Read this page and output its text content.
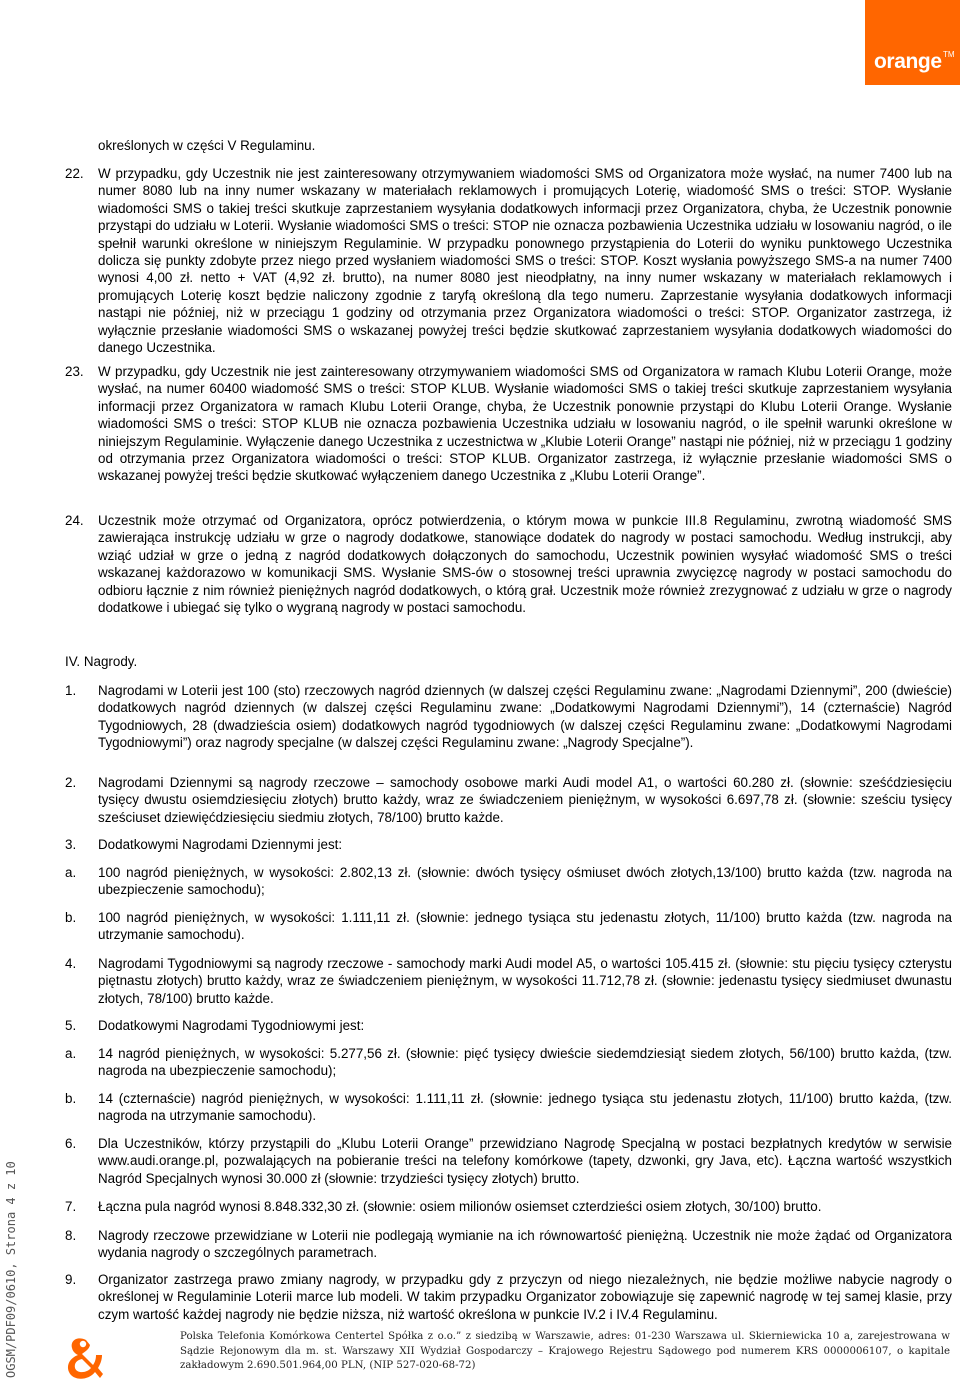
orange TM
określonych w części V Regulaminu.
22. W przypadku, gdy Uczestnik nie jest zainteresowany otrzymywaniem wiadomości SMS od Organizatora może wysłać, na numer 7400 lub na numer 8080 lub na inny numer wskazany w materiałach reklamowych i promujących Loterię, wiadomość SMS o treści: STOP. Wysłanie wiadomości SMS o takiej treści skutkuje zaprzestaniem wysyłania dodatkowych informacji przez Organizatora, chyba, że Uczestnik ponownie przystąpi do udziału w Loterii. Wysłanie wiadomości SMS o treści: STOP nie oznacza pozbawienia Uczestnika udziału w losowaniu nagród, o ile spełnił warunki określone w niniejszym Regulaminie. W przypadku ponownego przystąpienia do Loterii do wyniku punktowego Uczestnika dolicza się punkty zdobyte przez niego przed wysłaniem wiadomości SMS o treści: STOP. Koszt wysłania powyższego SMS-a na numer 7400 wynosi 4,00 zł. netto + VAT (4,92 zł. brutto), na numer 8080 jest nieodpłatny, na inny numer wskazany w materiałach reklamowych i promujących Loterię koszt będzie naliczony zgodnie z taryfą określoną dla tego numeru. Zaprzestanie wysyłania dodatkowych informacji nastąpi nie później, niż w przeciągu 1 godziny od otrzymania przez Organizatora wiadomości o treści: STOP. Organizator zastrzega, iż wyłącznie przesłanie wiadomości SMS o wskazanej powyżej treści będzie skutkować zaprzestaniem wysyłania dodatkowych wiadomości do danego Uczestnika.
23. W przypadku, gdy Uczestnik nie jest zainteresowany otrzymywaniem wiadomości SMS od Organizatora w ramach Klubu Loterii Orange, może wysłać, na numer 60400 wiadomość SMS o treści: STOP KLUB. Wysłanie wiadomości SMS o takiej treści skutkuje zaprzestaniem wysyłania informacji przez Organizatora w ramach Klubu Loterii Orange, chyba, że Uczestnik ponownie przystąpi do Klubu Loterii Orange. Wysłanie wiadomości SMS o treści: STOP KLUB nie oznacza pozbawienia Uczestnika udziału w losowaniu nagród, o ile spełnił warunki określone w niniejszym Regulaminie. Wyłączenie danego Uczestnika z uczestnictwa w „Klubie Loterii Orange” nastąpi nie później, niż w przeciągu 1 godziny od otrzymania przez Organizatora wiadomości o treści: STOP KLUB. Organizator zastrzega, iż wyłącznie przesłanie wiadomości SMS o wskazanej powyżej treści będzie skutkować wyłączeniem danego Uczestnika z „Klubu Loterii Orange”.
24. Uczestnik może otrzymać od Organizatora, oprócz potwierdzenia, o którym mowa w punkcie III.8 Regulaminu, zwrotną wiadomość SMS zawierająca instrukcję udziału w grze o nagrody dodatkowe, stanowiące dodatek do nagrody w postaci samochodu. Według instrukcji, aby wziąć udział w grze o jedną z nagród dodatkowych dołączonych do samochodu, Uczestnik powinien wysyłać wiadomość SMS o treści wskazanej każdorazowo w komunikacji SMS. Wysłanie SMS-ów o stosownej treści uprawnia zwycięzcę nagrody w postaci samochodu do odbioru łącznie z nim również pieniężnych nagród dodatkowych, o którą grał. Uczestnik może również zrezygnować z udziału w grze o nagrody dodatkowe i ubiegać się tylko o wygraną nagrody w postaci samochodu.
IV. Nagrody.
1. Nagrodami w Loterii jest 100 (sto) rzeczowych nagród dziennych (w dalszej części Regulaminu zwane: „Nagrodami Dziennymi”, 200 (dwieście) dodatkowych nagród dziennych (w dalszej części Regulaminu zwane: „Dodatkowymi Nagrodami Dziennymi”), 14 (czternaście) Nagród Tygodniowych, 28 (dwadzieścia osiem) dodatkowych nagród tygodniowych (w dalszej części Regulaminu zwane: „Dodatkowymi Nagrodami Tygodniowymi”) oraz nagrody specjalne (w dalszej części Regulaminu zwane: „Nagrody Specjalne”).
2. Nagrodami Dziennymi są nagrody rzeczowe – samochody osobowe marki Audi model A1, o wartości 60.280 zł. (słownie: sześćdziesięciu tysięcy dwustu osiemdziesięciu złotych) brutto każdy, wraz ze świadczeniem pieniężnym, w wysokości 6.697,78 zł. (słownie: sześciu tysięcy sześciuset dziewięćdziesięciu siedmiu złotych, 78/100) brutto każde.
3. Dodatkowymi Nagrodami Dziennymi jest:
a. 100 nagród pieniężnych, w wysokości: 2.802,13 zł. (słownie: dwóch tysięcy ośmiuset dwóch złotych,13/100) brutto każda (tzw. nagroda na ubezpieczenie samochodu);
b. 100 nagród pieniężnych, w wysokości: 1.111,11 zł. (słownie: jednego tysiąca stu jedenastu złotych, 11/100) brutto każda (tzw. nagroda na utrzymanie samochodu).
4. Nagrodami Tygodniowymi są nagrody rzeczowe - samochody marki Audi model A5, o wartości 105.415 zł. (słownie: stu pięciu tysięcy czterystu piętnastu złotych) brutto każdy, wraz ze świadczeniem pieniężnym, w wysokości 11.712,78 zł. (słownie: jedenastu tysięcy siedmiuset dwunastu złotych, 78/100) brutto każde.
5. Dodatkowymi Nagrodami Tygodniowymi jest:
a. 14 nagród pieniężnych, w wysokości: 5.277,56 zł. (słownie: pięć tysięcy dwieście siedemdziesiąt siedem złotych, 56/100) brutto każda, (tzw. nagroda na ubezpieczenie samochodu);
b. 14 (czternaście) nagród pieniężnych, w wysokości: 1.111,11 zł. (słownie: jednego tysiąca stu jedenastu złotych, 11/100) brutto każda, (tzw. nagroda na utrzymanie samochodu).
6. Dla Uczestników, którzy przystąpili do „Klubu Loterii Orange” przewidziano Nagrodę Specjalną w postaci bezpłatnych kredytów w serwisie www.audi.orange.pl, pozwalających na pobieranie treści na telefony komórkowe (tapety, dzwonki, gry Java, etc). Łączna wartość wszystkich Nagród Specjalnych wynosi 30.000 zł (słownie: trzydzieści tysięcy złotych) brutto.
7. Łączna pula nagród wynosi 8.848.332,30 zł. (słownie: osiem milionów osiemset czterdzieści osiem złotych, 30/100) brutto.
8. Nagrody rzeczowe przewidziane w Loterii nie podlegają wymianie na ich równowartość pieniężną. Uczestnik nie może żądać od Organizatora wydania nagrody o szczególnych parametrach.
9. Organizator zastrzega prawo zmiany nagrody, w przypadku gdy z przyczyn od niego niezależnych, nie będzie możliwe nabycie nagrody o określonej w Regulaminie Loterii marce lub modeli. W takim przypadku Organizator zobowiązuje się zapewnić nagrodę w tej samej klasie, przy czym wartość każdej nagrody nie będzie niższa, niż wartość określona w punkcie IV.2 i IV.4 Regulaminu.
OGSM/PDF09/0610, Strona 4 z 10	Polska Telefonia Komórkowa Centertel Spółka z o.o.” z siedzibą w Warszawie, adres: 01-230 Warszawa ul. Skierniewicka 10 a, zarejestrowana w Sądzie Rejonowym dla m. st. Warszawy XII Wydział Gospodarczy – Krajowego Rejestru Sądowego pod numerem KRS 0000006107, o kapitale zakładowym 2.690.501.964,00 PLN, (NIP 527-020-68-72)
